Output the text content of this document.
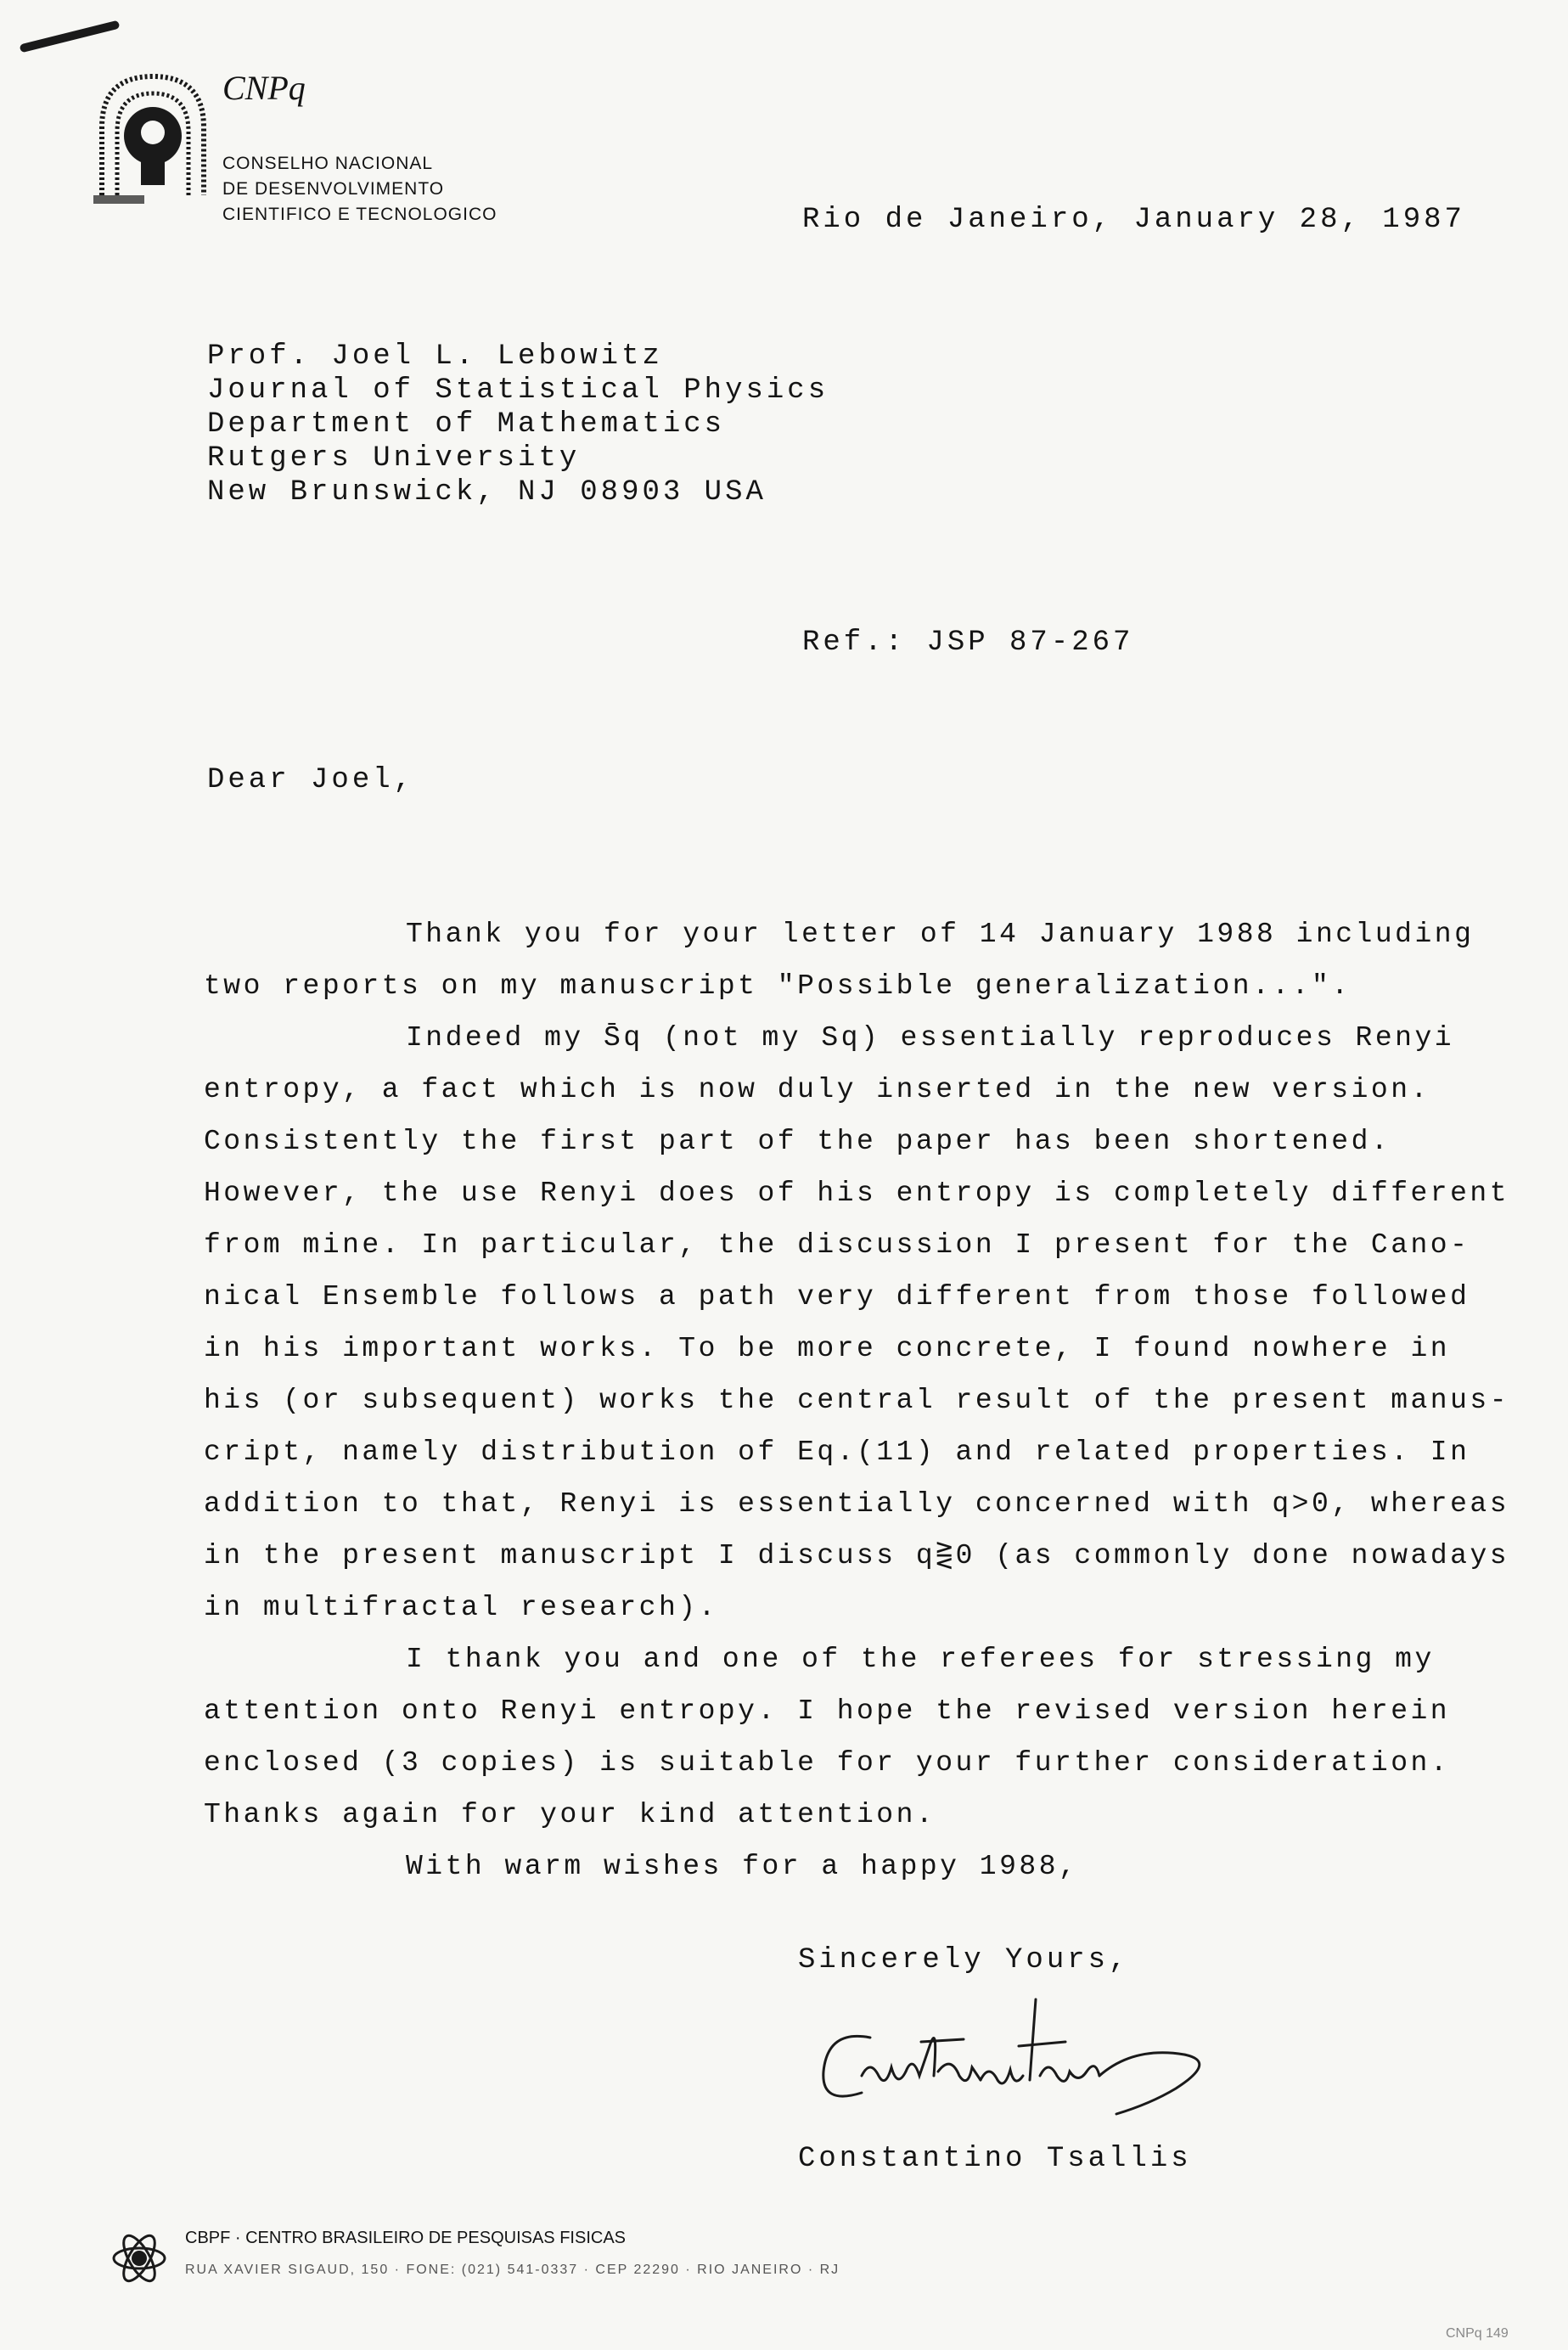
CNPq
CONSELHO NACIONAL
DE DESENVOLVIMENTO
CIENTIFICO E TECNOLOGICO	Rio de Janeiro, January 28, 1987
Prof. Joel L. Lebowitz
Journal of Statistical Physics
Department of Mathematics
Rutgers University
New Brunswick, NJ 08903 USA
Ref.: JSP 87-267
Dear Joel,

Thank you for your letter of 14 January 1988 including

two reports on my manuscript "Possible generalization...".

Indeed my S̄q (not my Sq) essentially reproduces Renyi

entropy, a fact which is now duly inserted in the new version.

Consistently the first part of the paper has been shortened.

However, the use Renyi does of his entropy is completely different

from mine. In particular, the discussion I present for the Cano-

nical Ensemble follows a path very different from those followed

in his important works. To be more concrete, I found nowhere in

his (or subsequent) works the central result of the present manus-

cript, namely distribution of Eq.(11) and related properties. In

addition to that, Renyi is essentially concerned with q>0, whereas

in the present manuscript I discuss q⋛0 (as commonly done nowadays

in multifractal research).

I thank you and one of the referees for stressing my

attention onto Renyi entropy. I hope the revised version herein

enclosed (3 copies) is suitable for your further consideration.

Thanks again for your kind attention.

With warm wishes for a happy 1988,

Sincerely Yours,
Constantino Tsallis
CBPF · CENTRO BRASILEIRO DE PESQUISAS FISICAS
RUA XAVIER SIGAUD, 150 · FONE: (021) 541-0337 · CEP 22290 · RIO JANEIRO · RJ
CNPq 149
